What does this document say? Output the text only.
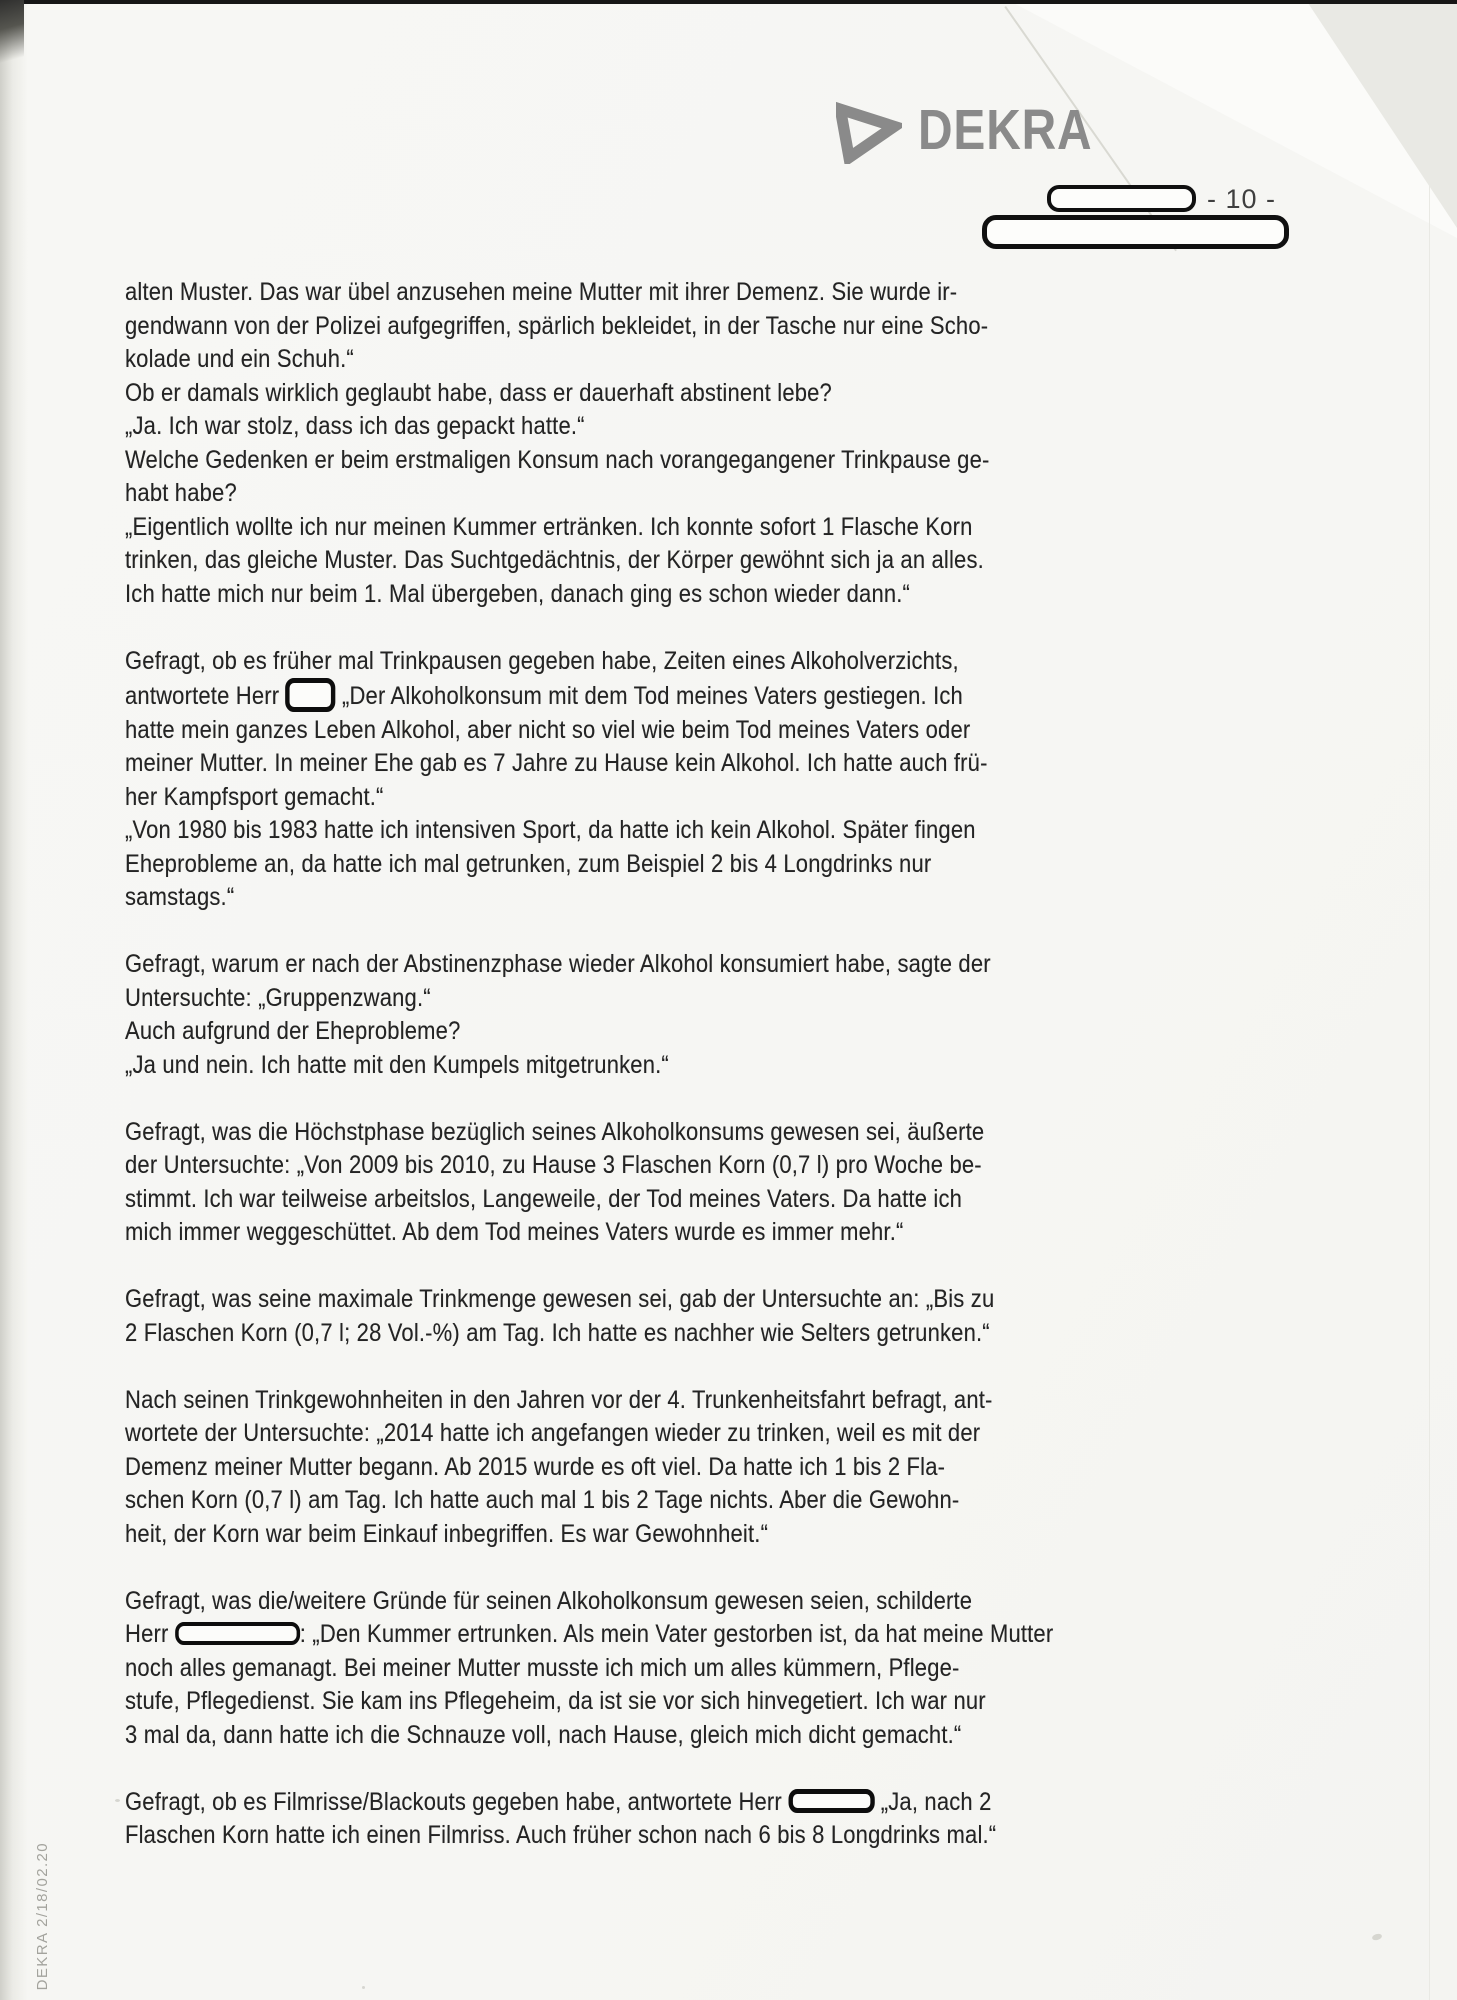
DEKRA
- 10 -
alten Muster. Das war übel anzusehen meine Mutter mit ihrer Demenz. Sie wurde ir-
gendwann von der Polizei aufgegriffen, spärlich bekleidet, in der Tasche nur eine Scho-
kolade und ein Schuh.“
Ob er damals wirklich geglaubt habe, dass er dauerhaft abstinent lebe?
„Ja. Ich war stolz, dass ich das gepackt hatte.“
Welche Gedenken er beim erstmaligen Konsum nach vorangegangener Trinkpause ge-
habt habe?
„Eigentlich wollte ich nur meinen Kummer ertränken. Ich konnte sofort 1 Flasche Korn
trinken, das gleiche Muster. Das Suchtgedächtnis, der Körper gewöhnt sich ja an alles.
Ich hatte mich nur beim 1. Mal übergeben, danach ging es schon wieder dann.“
Gefragt, ob es früher mal Trinkpausen gegeben habe, Zeiten eines Alkoholverzichts,
antwortete Herr  „Der Alkoholkonsum mit dem Tod meines Vaters gestiegen. Ich
hatte mein ganzes Leben Alkohol, aber nicht so viel wie beim Tod meines Vaters oder
meiner Mutter. In meiner Ehe gab es 7 Jahre zu Hause kein Alkohol. Ich hatte auch frü-
her Kampfsport gemacht.“
„Von 1980 bis 1983 hatte ich intensiven Sport, da hatte ich kein Alkohol. Später fingen
Eheprobleme an, da hatte ich mal getrunken, zum Beispiel 2 bis 4 Longdrinks nur
samstags.“
Gefragt, warum er nach der Abstinenzphase wieder Alkohol konsumiert habe, sagte der
Untersuchte: „Gruppenzwang.“
Auch aufgrund der Eheprobleme?
„Ja und nein. Ich hatte mit den Kumpels mitgetrunken.“
Gefragt, was die Höchstphase bezüglich seines Alkoholkonsums gewesen sei, äußerte
der Untersuchte: „Von 2009 bis 2010, zu Hause 3 Flaschen Korn (0,7 l) pro Woche be-
stimmt. Ich war teilweise arbeitslos, Langeweile, der Tod meines Vaters. Da hatte ich
mich immer weggeschüttet. Ab dem Tod meines Vaters wurde es immer mehr.“
Gefragt, was seine maximale Trinkmenge gewesen sei, gab der Untersuchte an: „Bis zu
2 Flaschen Korn (0,7 l; 28 Vol.-%) am Tag. Ich hatte es nachher wie Selters getrunken.“
Nach seinen Trinkgewohnheiten in den Jahren vor der 4. Trunkenheitsfahrt befragt, ant-
wortete der Untersuchte: „2014 hatte ich angefangen wieder zu trinken, weil es mit der
Demenz meiner Mutter begann. Ab 2015 wurde es oft viel. Da hatte ich 1 bis 2 Fla-
schen Korn (0,7 l) am Tag. Ich hatte auch mal 1 bis 2 Tage nichts. Aber die Gewohn-
heit, der Korn war beim Einkauf inbegriffen. Es war Gewohnheit.“
Gefragt, was die/weitere Gründe für seinen Alkoholkonsum gewesen seien, schilderte
Herr	: „Den Kummer ertrunken. Als mein Vater gestorben ist, da hat meine Mutter
noch alles gemanagt. Bei meiner Mutter musste ich mich um alles kümmern, Pflege-
stufe, Pflegedienst. Sie kam ins Pflegeheim, da ist sie vor sich hinvegetiert. Ich war nur
3 mal da, dann hatte ich die Schnauze voll, nach Hause, gleich mich dicht gemacht.“
Gefragt, ob es Filmrisse/Blackouts gegeben habe, antwortete Herr	„Ja, nach 2
Flaschen Korn hatte ich einen Filmriss. Auch früher schon nach 6 bis 8 Longdrinks mal.“
DEKRA 2/18/02.20
